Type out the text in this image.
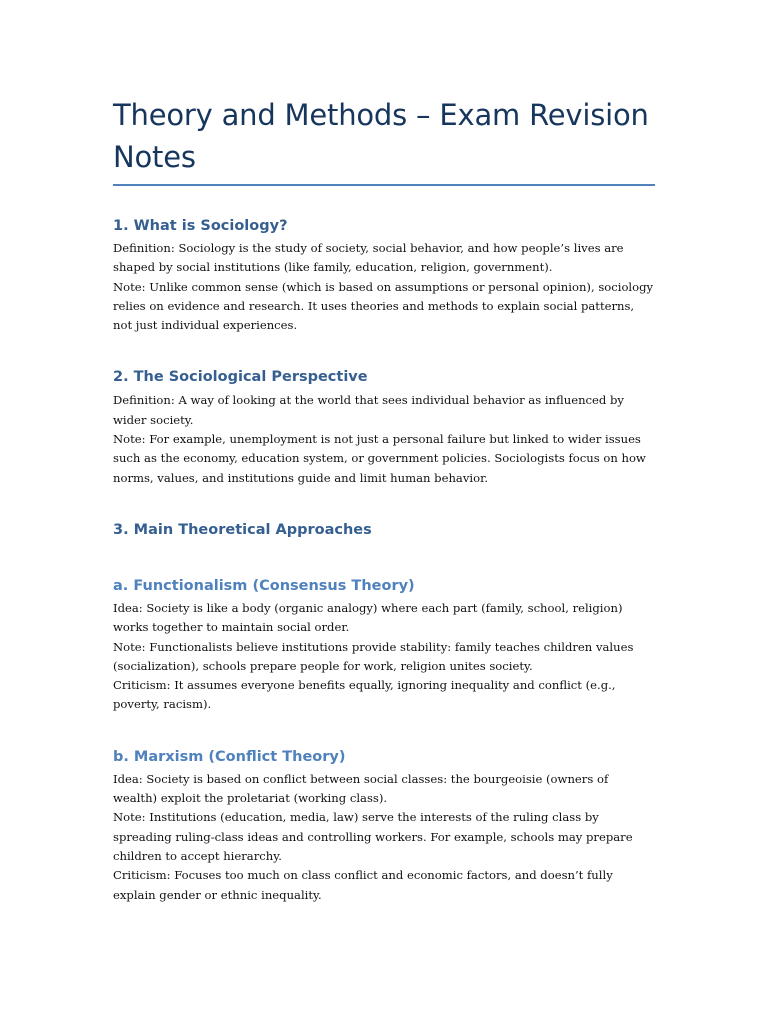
Theory and Methods – Exam Revision Notes
1. What is Sociology?

Definition: Sociology is the study of society, social behavior, and how people’s lives are shaped by social institutions (like family, education, religion, government).

Note: Unlike common sense (which is based on assumptions or personal opinion), sociology relies on evidence and research. It uses theories and methods to explain social patterns, not just individual experiences.

2. The Sociological Perspective

Definition: A way of looking at the world that sees individual behavior as influenced by wider society.

Note: For example, unemployment is not just a personal failure but linked to wider issues such as the economy, education system, or government policies. Sociologists focus on how norms, values, and institutions guide and limit human behavior.

3. Main Theoretical Approaches
a. Functionalism (Consensus Theory)

Idea: Society is like a body (organic analogy) where each part (family, school, religion) works together to maintain social order.

Note: Functionalists believe institutions provide stability: family teaches children values (socialization), schools prepare people for work, religion unites society.

Criticism: It assumes everyone benefits equally, ignoring inequality and conflict (e.g., poverty, racism).

b. Marxism (Conflict Theory)

Idea: Society is based on conflict between social classes: the bourgeoisie (owners of wealth) exploit the proletariat (working class).

Note: Institutions (education, media, law) serve the interests of the ruling class by spreading ruling-class ideas and controlling workers. For example, schools may prepare children to accept hierarchy.

Criticism: Focuses too much on class conflict and economic factors, and doesn’t fully explain gender or ethnic inequality.
